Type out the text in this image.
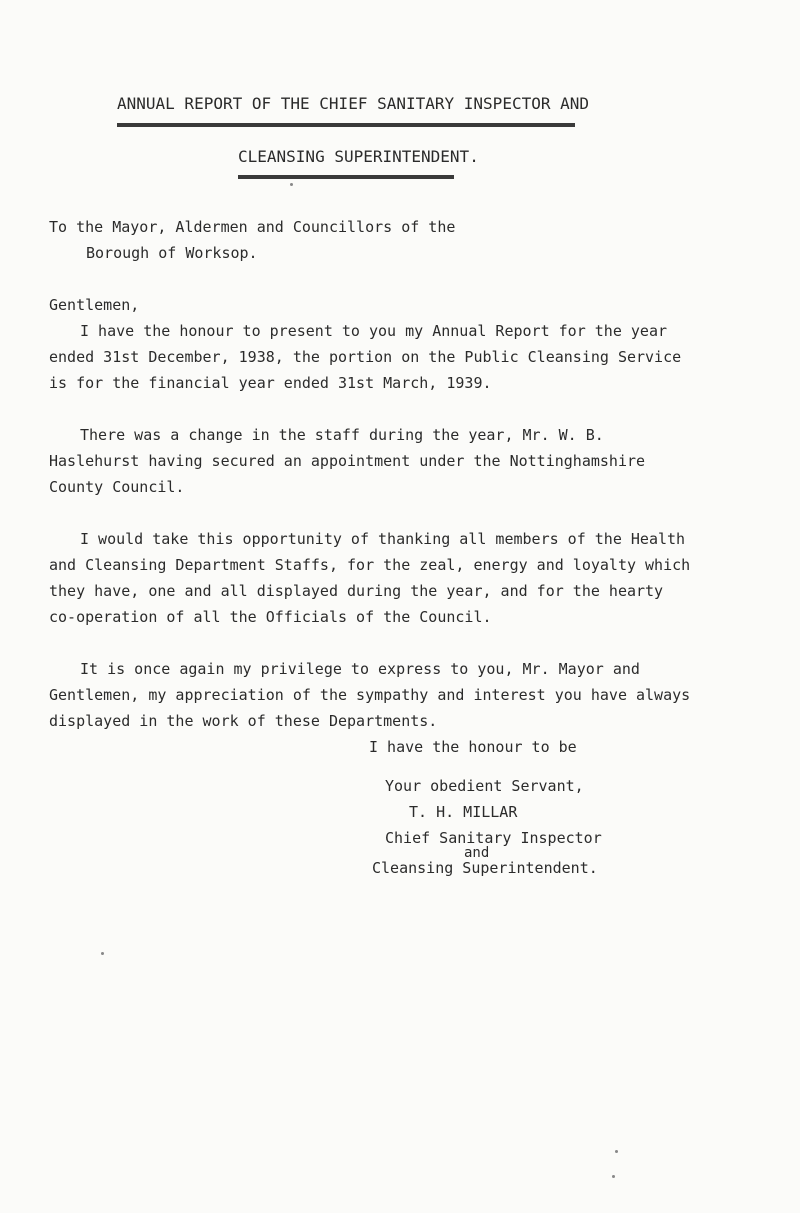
ANNUAL REPORT OF THE CHIEF SANITARY INSPECTOR AND
CLEANSING SUPERINTENDENT.
To the Mayor, Aldermen and Councillors of the
Borough of Worksop.
Gentlemen,
I have the honour to present to you my Annual Report for the year
ended 31st December, 1938, the portion on the Public Cleansing Service
is for the financial year ended 31st March, 1939.
There was a change in the staff during the year, Mr. W. B.
Haslehurst having secured an appointment under the Nottinghamshire
County Council.
I would take this opportunity of thanking all members of the Health
and Cleansing Department Staffs, for the zeal, energy and loyalty which
they have, one and all displayed during the year, and for the hearty
co-operation of all the Officials of the Council.
It is once again my privilege to express to you, Mr. Mayor and
Gentlemen, my appreciation of the sympathy and interest you have always
displayed in the work of these Departments.
I have the honour to be
Your obedient Servant,
T. H. MILLAR
Chief Sanitary Inspector
and
Cleansing Superintendent.
